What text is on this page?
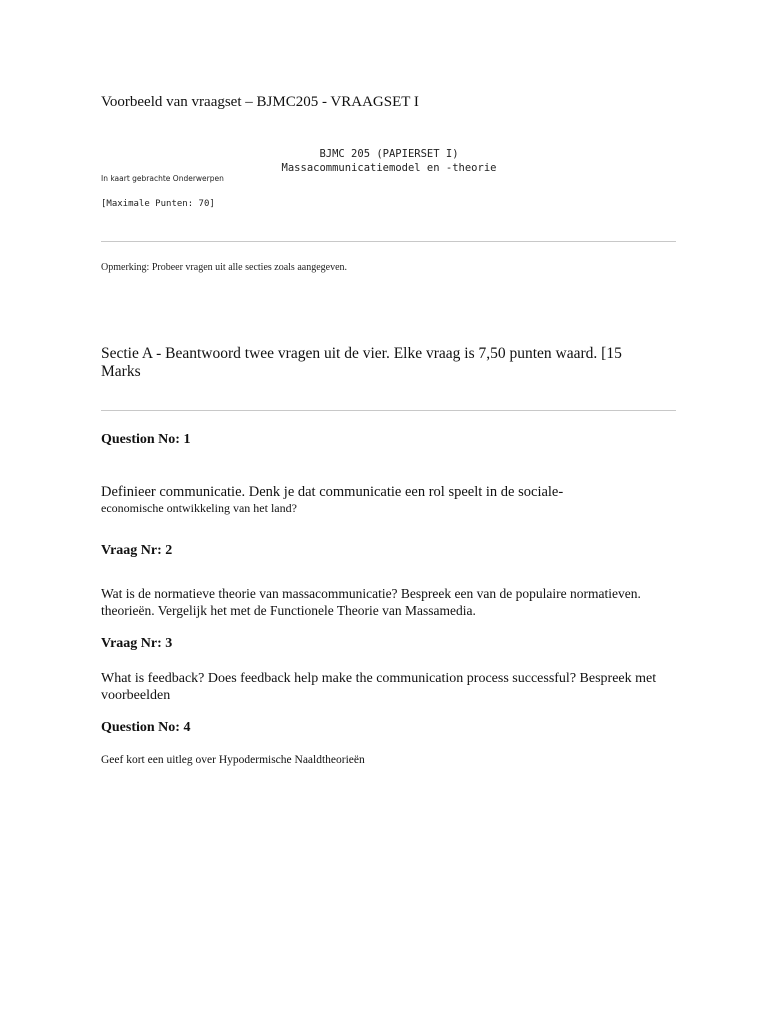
Voorbeeld van vraagset – BJMC205 - VRAAGSET I
BJMC 205 (PAPIERSET I)
Massacommunicatiemodel en -theorie
In kaart gebrachte Onderwerpen
[Maximale Punten: 70]
Opmerking: Probeer vragen uit alle secties zoals aangegeven.
Sectie A - Beantwoord twee vragen uit de vier. Elke vraag is 7,50 punten waard. [15 Marks
Question No: 1
Definieer communicatie. Denk je dat communicatie een rol speelt in de sociale-
economische ontwikkeling van het land?
Vraag Nr: 2
Wat is de normatieve theorie van massacommunicatie? Bespreek een van de populaire normatieven. theorieën. Vergelijk het met de Functionele Theorie van Massamedia.
Vraag Nr: 3
What is feedback? Does feedback help make the communication process successful? Bespreek met voorbeelden
Question No: 4
Geef kort een uitleg over Hypodermische Naaldtheorieën
